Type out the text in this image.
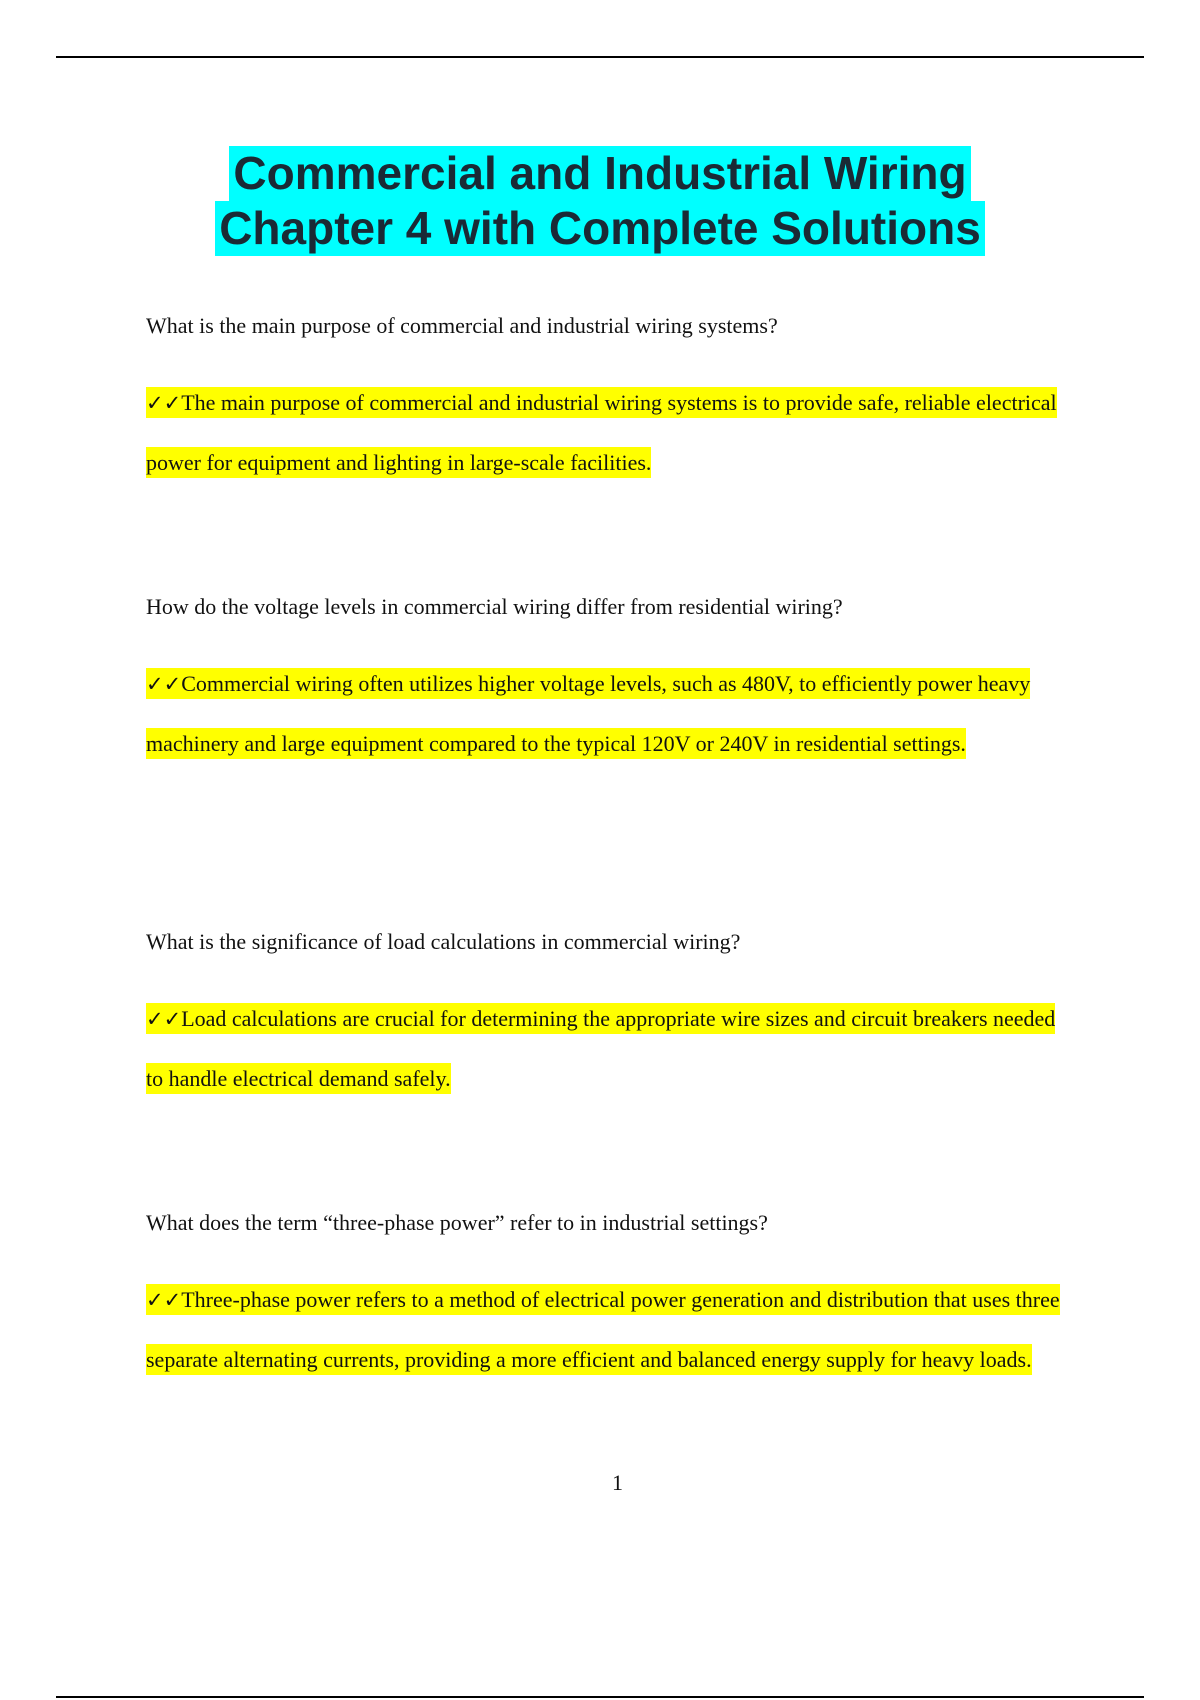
Commercial and Industrial Wiring
Chapter 4 with Complete Solutions
What is the main purpose of commercial and industrial wiring systems?
✓✓The main purpose of commercial and industrial wiring systems is to provide safe, reliable electrical power for equipment and lighting in large-scale facilities.
How do the voltage levels in commercial wiring differ from residential wiring?
✓✓Commercial wiring often utilizes higher voltage levels, such as 480V, to efficiently power heavy machinery and large equipment compared to the typical 120V or 240V in residential settings.
What is the significance of load calculations in commercial wiring?
✓✓Load calculations are crucial for determining the appropriate wire sizes and circuit breakers needed to handle electrical demand safely.
What does the term “three-phase power” refer to in industrial settings?
✓✓Three-phase power refers to a method of electrical power generation and distribution that uses three separate alternating currents, providing a more efficient and balanced energy supply for heavy loads.
1
